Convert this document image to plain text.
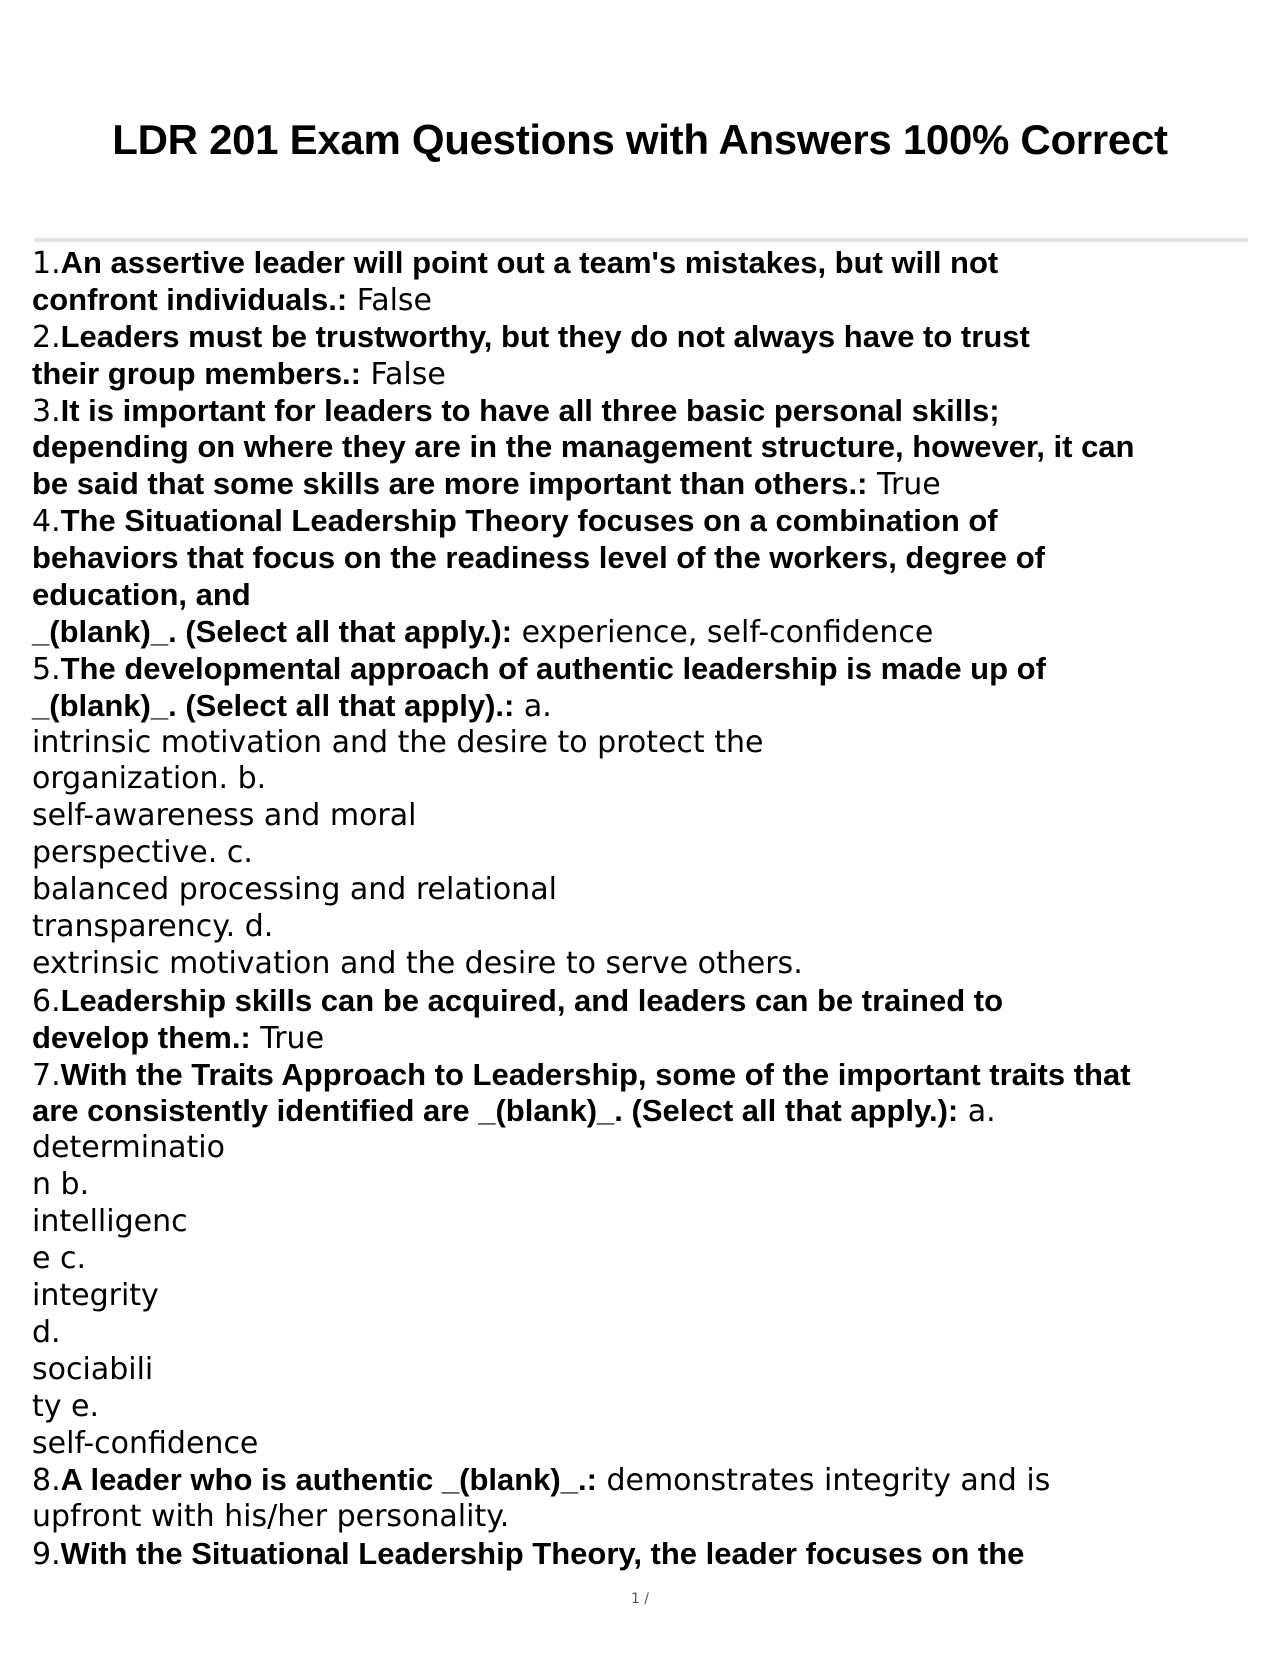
LDR 201 Exam Questions with Answers 100% Correct
1.An assertive leader will point out a team's mistakes, but will not
confront individuals.: False
2.Leaders must be trustworthy, but they do not always have to trust
their group members.: False
3.It is important for leaders to have all three basic personal skills;
depending on where they are in the management structure, however, it can
be said that some skills are more important than others.: True
4.The Situational Leadership Theory focuses on a combination of
behaviors that focus on the readiness level of the workers, degree of
education, and
_(blank)_. (Select all that apply.): experience, self-confidence
5.The developmental approach of authentic leadership is made up of
_(blank)_. (Select all that apply).: a.
intrinsic motivation and the desire to protect the
organization. b.
self-awareness and moral
perspective. c.
balanced processing and relational
transparency. d.
extrinsic motivation and the desire to serve others.
6.Leadership skills can be acquired, and leaders can be trained to
develop them.: True
7.With the Traits Approach to Leadership, some of the important traits that
are consistently identified are _(blank)_. (Select all that apply.): a.
determinatio
n b.
intelligenc
e c.
integrity
d.
sociabili
ty e.
self-confidence
8.A leader who is authentic _(blank)_.: demonstrates integrity and is
upfront with his/her personality.
9.With the Situational Leadership Theory, the leader focuses on the
1 /
